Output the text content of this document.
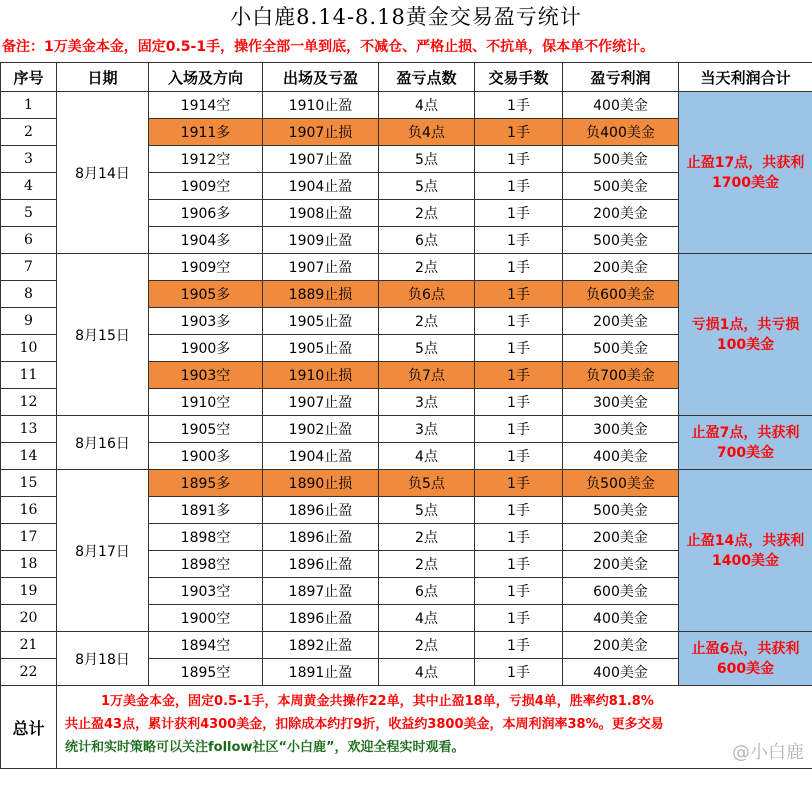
小白鹿8.14-8.18黄金交易盈亏统计
备注：1万美金本金，固定0.5-1手，操作全部一单到底，不减仓、严格止损、不抗单，保本单不作统计。
序号	日期	入场及方向	出场及亏盈	盈亏点数	交易手数	盈亏利润	当天利润合计
1	8月14日	1914空	1910止盈	4点	1手	400美金	止盈17点，共获利1700美金
2		1911多	1907止损	负4点	1手	负400美金	
3		1912空	1907止盈	5点	1手	500美金	
4		1909空	1904止盈	5点	1手	500美金	
5		1906多	1908止盈	2点	1手	200美金	
6		1904多	1909止盈	6点	1手	500美金	
7	8月15日	1909空	1907止盈	2点	1手	200美金	亏损1点，共亏损100美金
8		1905多	1889止损	负6点	1手	负600美金	
9		1903多	1905止盈	2点	1手	200美金	
10		1900多	1905止盈	5点	1手	500美金	
11		1903空	1910止损	负7点	1手	负700美金	
12		1910空	1907止盈	3点	1手	300美金	
13	8月16日	1905空	1902止盈	3点	1手	300美金	止盈7点，共获利700美金
14		1900多	1904止盈	4点	1手	400美金	
15	8月17日	1895多	1890止损	负5点	1手	负500美金	止盈14点，共获利1400美金
16		1891多	1896止盈	5点	1手	500美金	
17		1898空	1896止盈	2点	1手	200美金	
18		1898空	1896止盈	2点	1手	200美金	
19		1903空	1897止盈	6点	1手	600美金	
20		1900空	1896止盈	4点	1手	400美金	
21	8月18日	1894空	1892止盈	2点	1手	200美金	止盈6点，共获利600美金
22		1895空	1891止盈	4点	1手	400美金	
总计	1万美金本金，固定0.5-1手，本周黄金共操作22单，其中止盈18单，亏损4单，胜率约81.8%
共止盈43点，累计获利4300美金，扣除成本约打9折，收益约3800美金，本周利润率38%。更多交易
统计和实时策略可以关注follow社区“小白鹿”，欢迎全程实时观看。							@小白鹿
